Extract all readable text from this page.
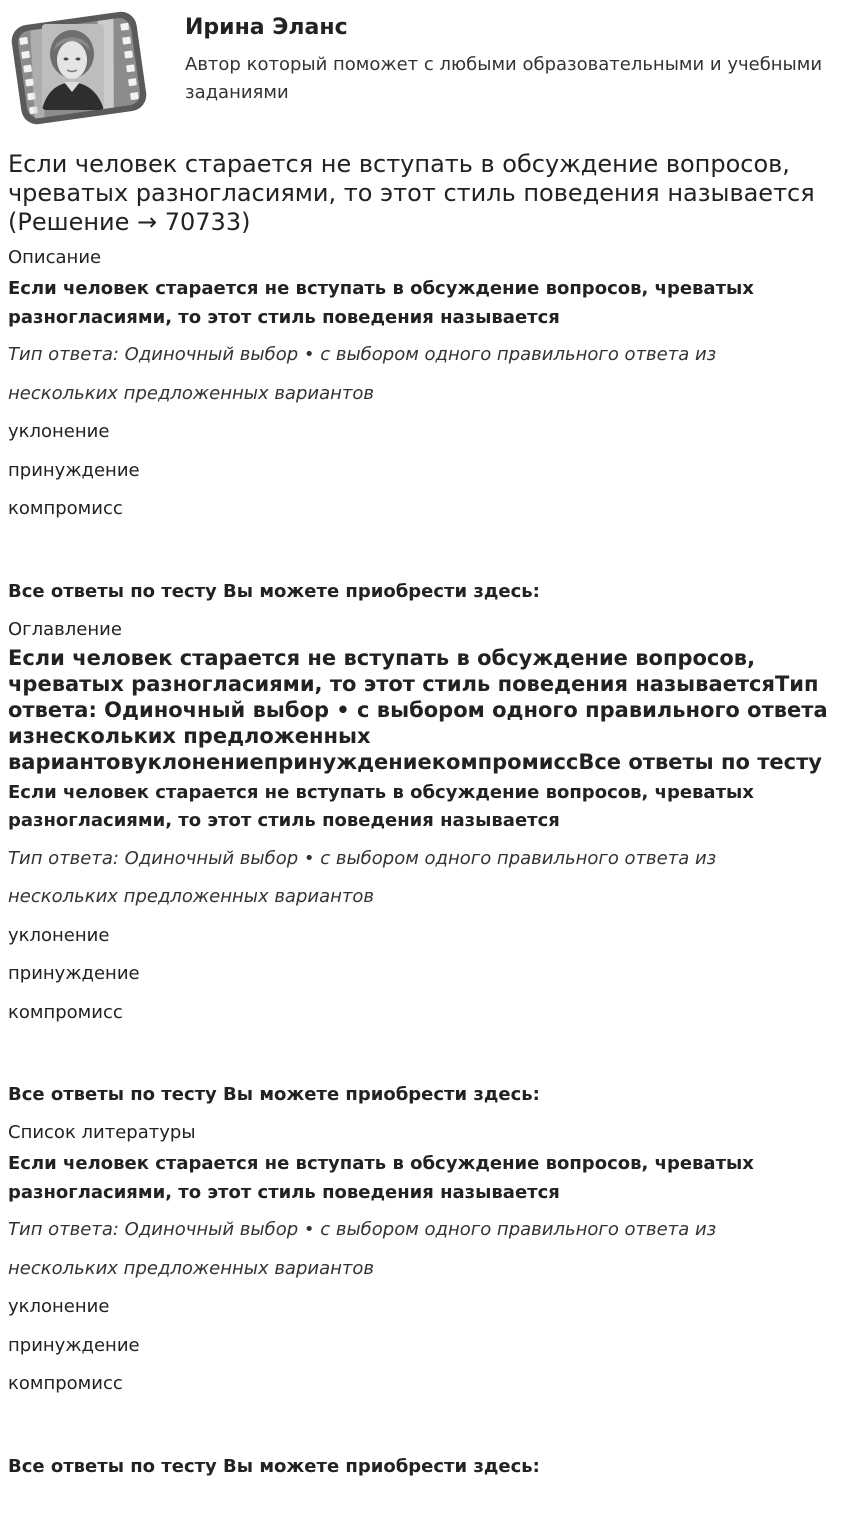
Ирина Эланс
Автор который поможет с любыми образовательными и учебными заданиями
Если человек старается не вступать в обсуждение вопросов, чреватых разногласиями, то этот стиль поведения называется (Решение → 70733)
Описание
Если человек старается не вступать в обсуждение вопросов, чреватых разногласиями, то этот стиль поведения называется
Тип ответа: Одиночный выбор • с выбором одного правильного ответа из
нескольких предложенных вариантов
уклонение
принуждение
компромисс
Все ответы по тесту Вы можете приобрести здесь:
Оглавление
Если человек старается не вступать в обсуждение вопросов, чреватых разногласиями, то этот стиль поведения называетсяТип ответа: Одиночный выбор • с выбором одного правильного ответа изнескольких предложенных вариантовуклонениепринуждениекомпромиссВсе ответы по тесту
Если человек старается не вступать в обсуждение вопросов, чреватых разногласиями, то этот стиль поведения называется
Тип ответа: Одиночный выбор • с выбором одного правильного ответа из
нескольких предложенных вариантов
уклонение
принуждение
компромисс
Все ответы по тесту Вы можете приобрести здесь:
Список литературы
Если человек старается не вступать в обсуждение вопросов, чреватых разногласиями, то этот стиль поведения называется
Тип ответа: Одиночный выбор • с выбором одного правильного ответа из
нескольких предложенных вариантов
уклонение
принуждение
компромисс
Все ответы по тесту Вы можете приобрести здесь:
